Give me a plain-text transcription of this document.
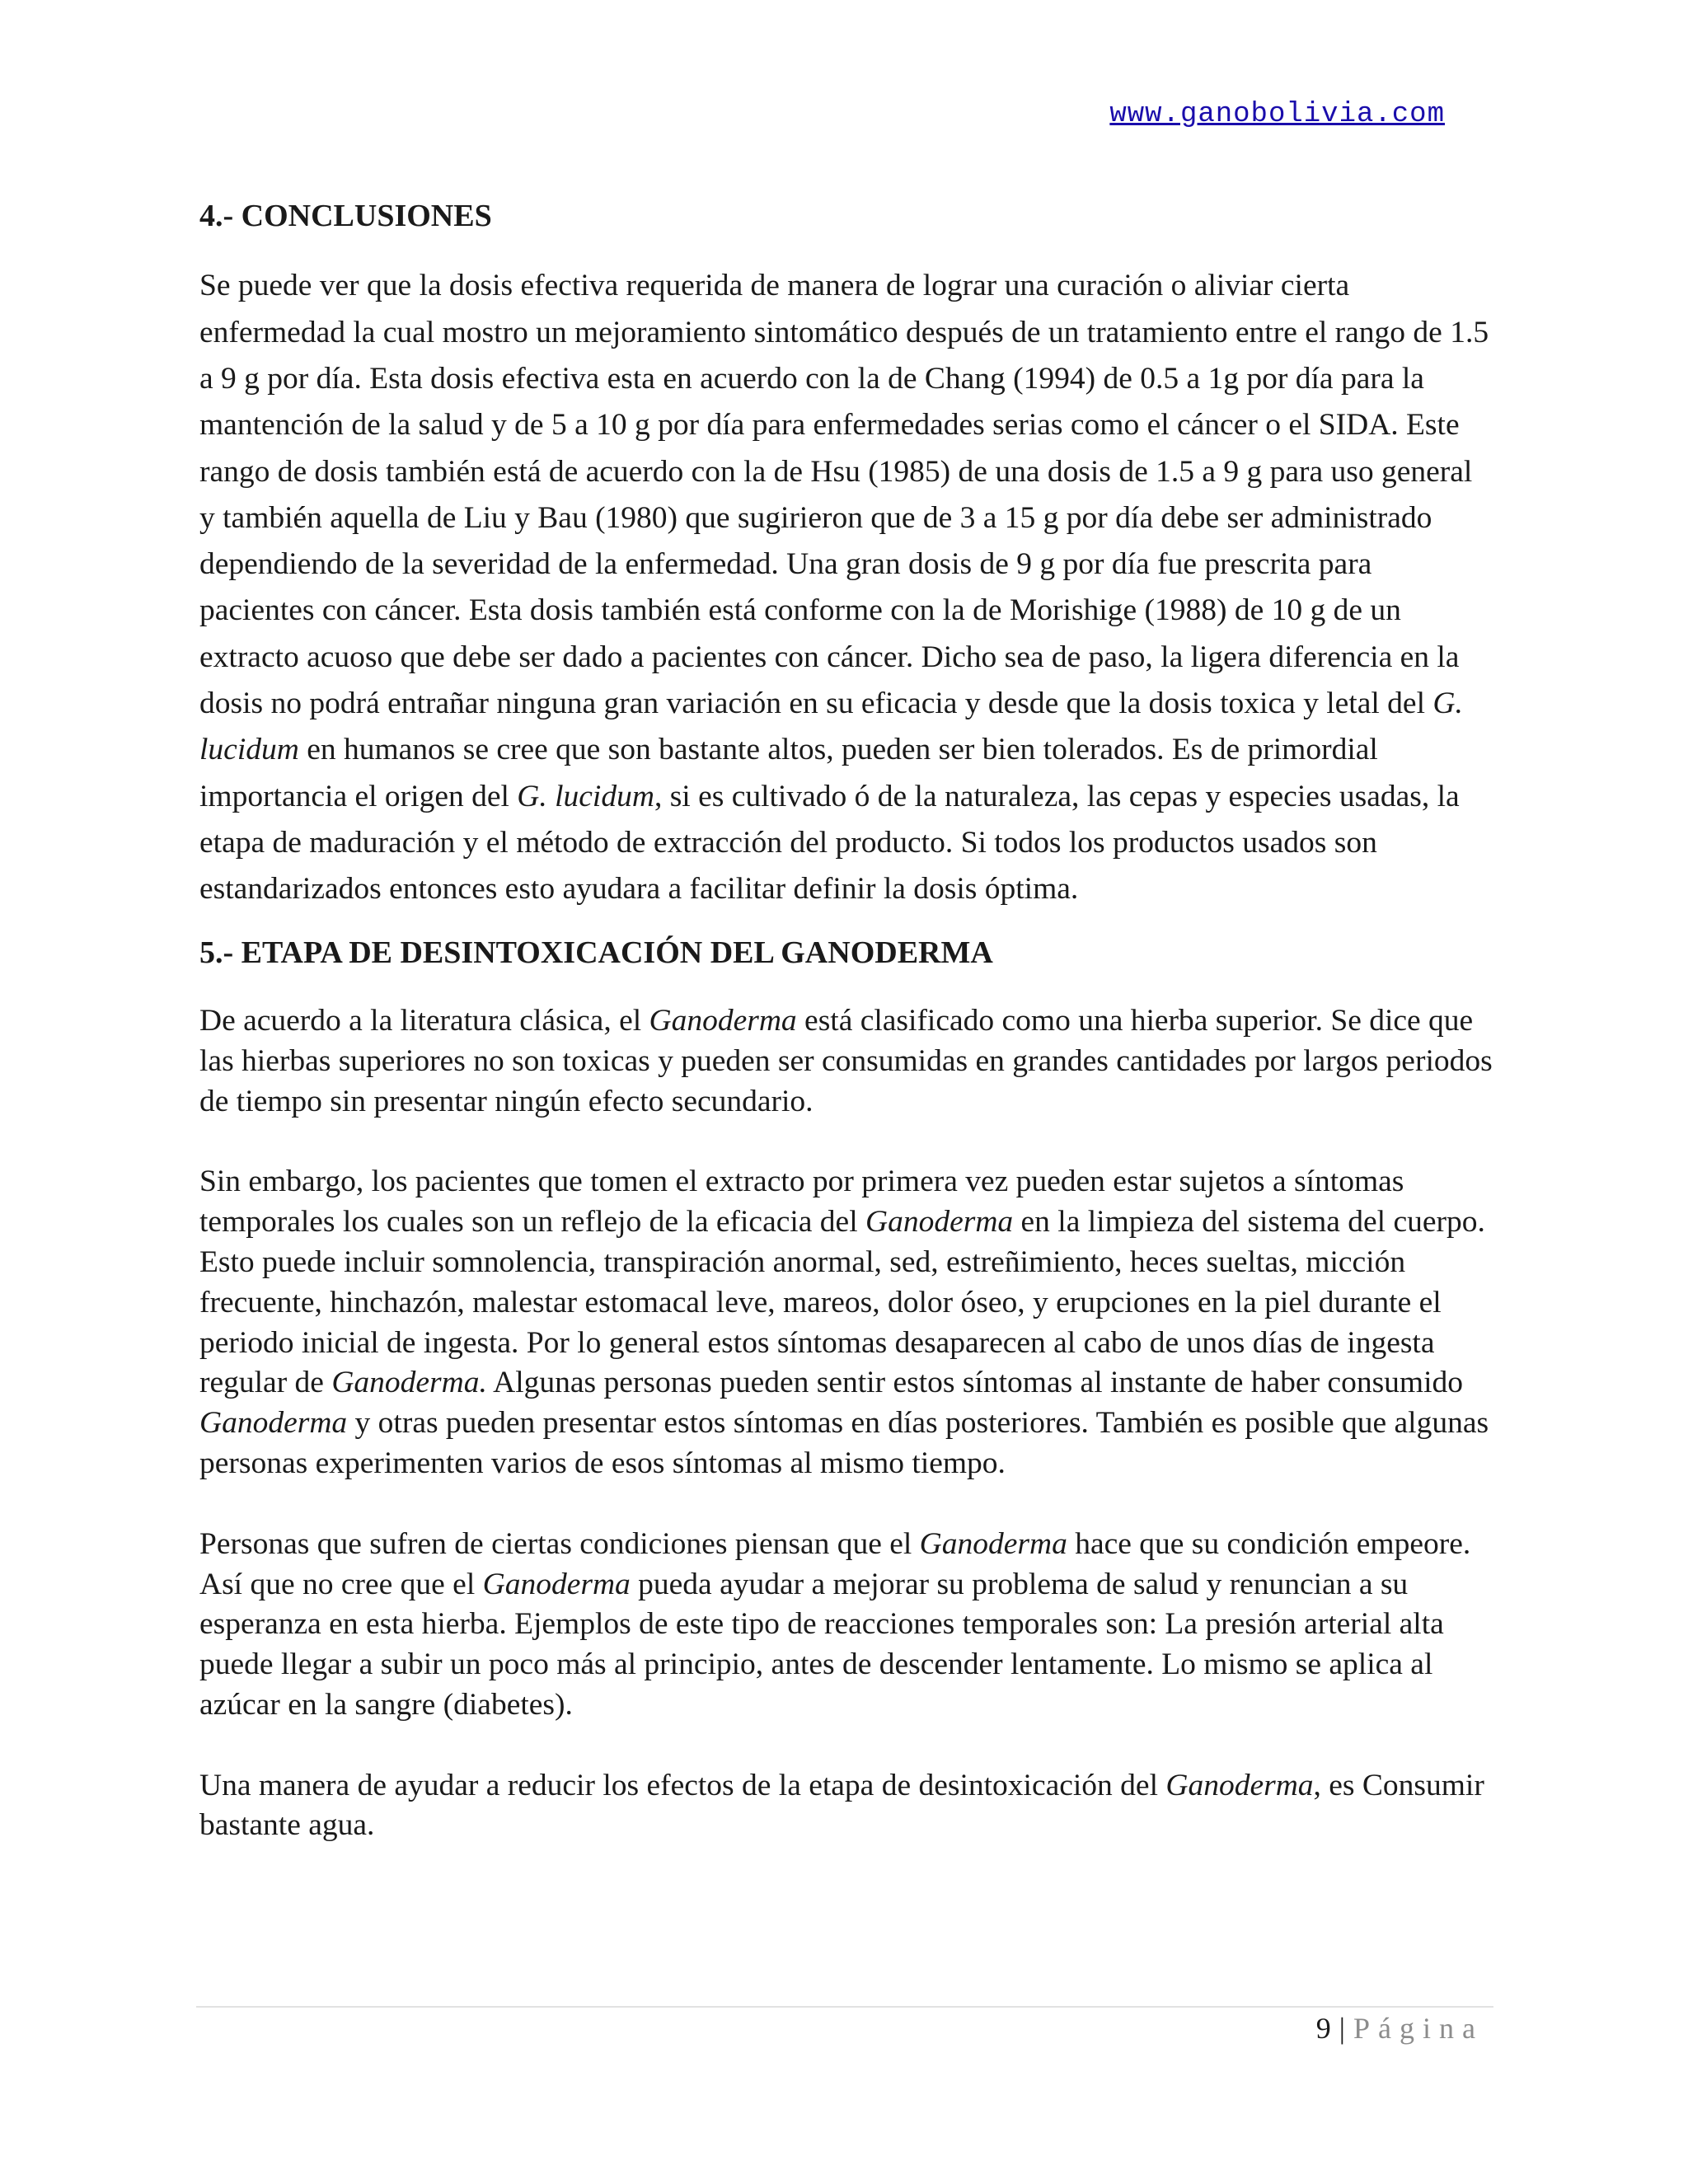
www.ganobolivia.com
4.- CONCLUSIONES

Se puede ver que la dosis efectiva requerida de manera de lograr una curación o aliviar cierta enfermedad la cual mostro un mejoramiento sintomático después de un tratamiento entre el rango de 1.5 a 9 g por día. Esta dosis efectiva esta en acuerdo con la de Chang (1994) de 0.5 a 1g por día para la mantención de la salud y de 5 a 10 g por día para enfermedades serias como el cáncer o el SIDA. Este rango de dosis también está de acuerdo con la de Hsu (1985) de una dosis de 1.5 a 9 g para uso general y también aquella de Liu y Bau (1980) que sugirieron que de 3 a 15 g por día debe ser administrado dependiendo de la severidad de la enfermedad. Una gran dosis de 9 g por día fue prescrita para pacientes con cáncer. Esta dosis también está conforme con la de Morishige (1988) de 10 g de un extracto acuoso que debe ser dado a pacientes con cáncer. Dicho sea de paso, la ligera diferencia en la dosis no podrá entrañar ninguna gran variación en su eficacia y desde que la dosis toxica y letal del G. lucidum en humanos se cree que son bastante altos, pueden ser bien tolerados. Es de primordial importancia el origen del G. lucidum, si es cultivado ó de la naturaleza, las cepas y especies usadas, la etapa de maduración y el método de extracción del producto. Si todos los productos usados son estandarizados entonces esto ayudara a facilitar definir la dosis óptima.

5.- ETAPA DE DESINTOXICACIÓN DEL GANODERMA

De acuerdo a la literatura clásica, el Ganoderma está clasificado como una hierba superior. Se dice que las hierbas superiores no son toxicas y pueden ser consumidas en grandes cantidades por largos periodos de tiempo sin presentar ningún efecto secundario.

Sin embargo, los pacientes que tomen el extracto por primera vez pueden estar sujetos a síntomas temporales los cuales son un reflejo de la eficacia del Ganoderma en la limpieza del sistema del cuerpo. Esto puede incluir somnolencia, transpiración anormal, sed, estreñimiento, heces sueltas, micción frecuente, hinchazón, malestar estomacal leve, mareos, dolor óseo, y erupciones en la piel durante el periodo inicial de ingesta. Por lo general estos síntomas desaparecen al cabo de unos días de ingesta regular de Ganoderma. Algunas personas pueden sentir estos síntomas al instante de haber consumido Ganoderma y otras pueden presentar estos síntomas en días posteriores. También es posible que algunas personas experimenten varios de esos síntomas al mismo tiempo.

Personas que sufren de ciertas condiciones piensan que el Ganoderma hace que su condición empeore. Así que no cree que el Ganoderma pueda ayudar a mejorar su problema de salud y renuncian a su esperanza en esta hierba. Ejemplos de este tipo de reacciones temporales son: La presión arterial alta puede llegar a subir un poco más al principio, antes de descender lentamente. Lo mismo se aplica al azúcar en la sangre (diabetes).

Una manera de ayudar a reducir los efectos de la etapa de desintoxicación del Ganoderma, es Consumir bastante agua.

9 | Página
